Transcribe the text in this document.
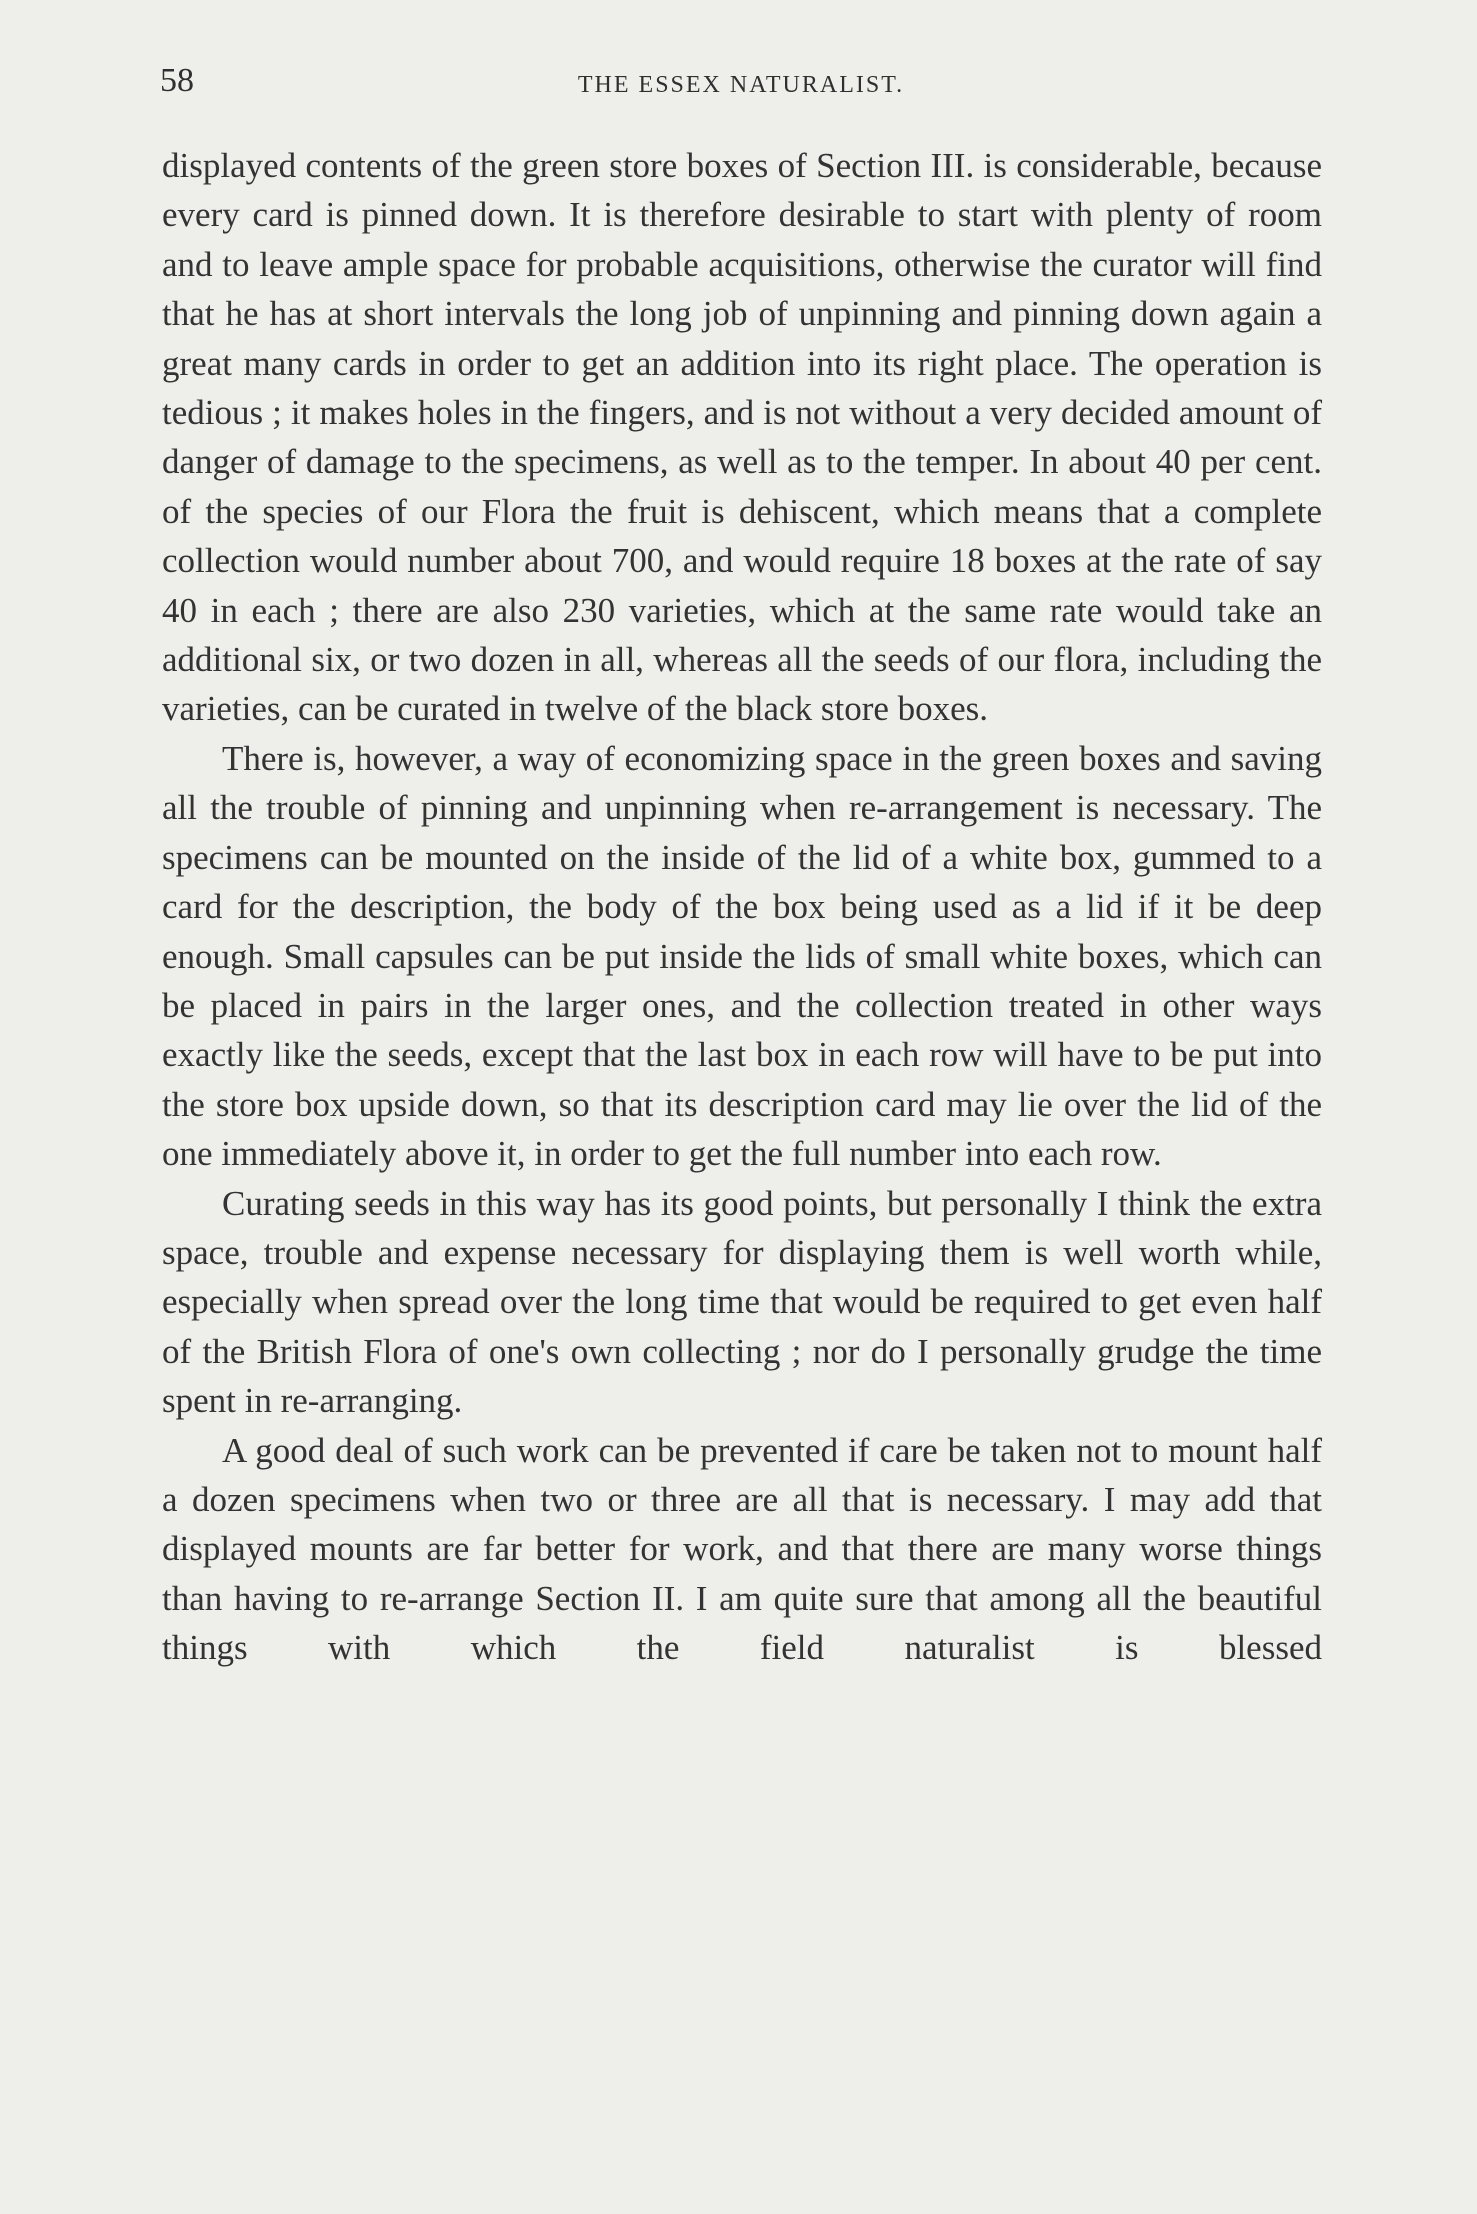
58	THE ESSEX NATURALIST.

displayed contents of the green store boxes of Section III. is considerable, because every card is pinned down. It is therefore desirable to start with plenty of room and to leave ample space for probable acquisitions, otherwise the curator will find that he has at short intervals the long job of unpinning and pinning down again a great many cards in order to get an addition into its right place. The operation is tedious ; it makes holes in the fingers, and is not without a very decided amount of danger of damage to the specimens, as well as to the temper. In about 40 per cent. of the species of our Flora the fruit is dehiscent, which means that a complete collection would number about 700, and would require 18 boxes at the rate of say 40 in each ; there are also 230 varieties, which at the same rate would take an additional six, or two dozen in all, whereas all the seeds of our flora, including the varieties, can be curated in twelve of the black store boxes.

There is, however, a way of economizing space in the green boxes and saving all the trouble of pinning and unpinning when re-arrangement is necessary. The specimens can be mounted on the inside of the lid of a white box, gummed to a card for the description, the body of the box being used as a lid if it be deep enough. Small capsules can be put inside the lids of small white boxes, which can be placed in pairs in the larger ones, and the collection treated in other ways exactly like the seeds, except that the last box in each row will have to be put into the store box upside down, so that its description card may lie over the lid of the one immediately above it, in order to get the full number into each row.

Curating seeds in this way has its good points, but personally I think the extra space, trouble and expense necessary for displaying them is well worth while, especially when spread over the long time that would be required to get even half of the British Flora of one's own collecting ; nor do I personally grudge the time spent in re-arranging.

A good deal of such work can be prevented if care be taken not to mount half a dozen specimens when two or three are all that is necessary. I may add that displayed mounts are far better for work, and that there are many worse things than having to re-arrange Section II. I am quite sure that among all the beautiful things with which the field naturalist is blessed
